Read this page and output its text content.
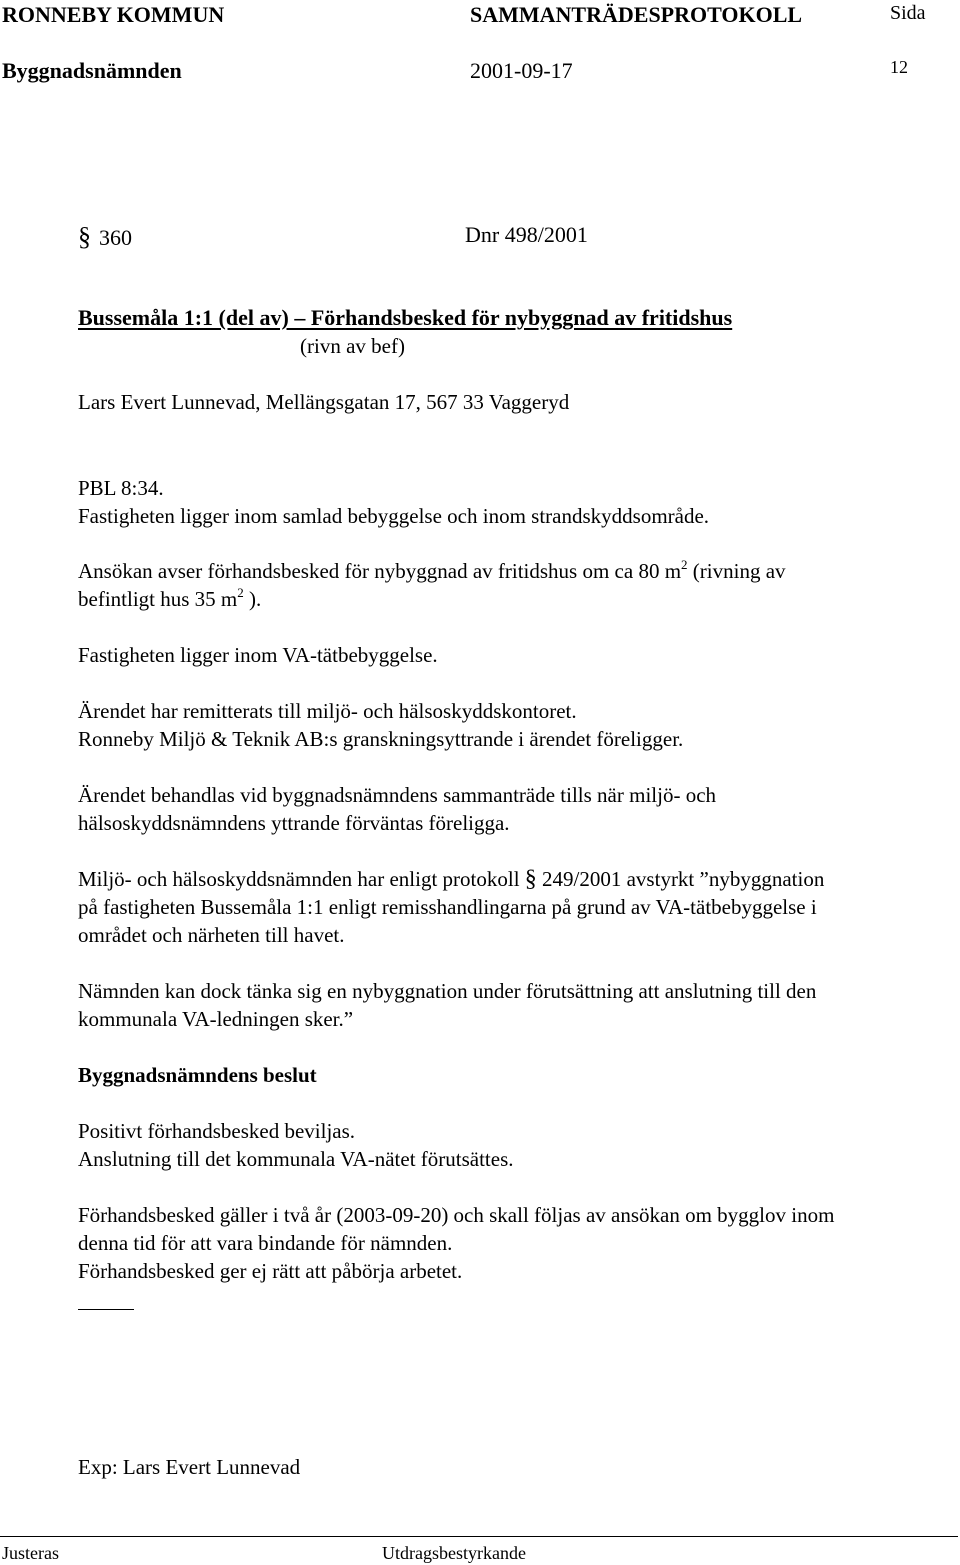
RONNEBY KOMMUN	SAMMANTRÄDESPROTOKOLL	Sida
Byggnadsnämnden	2001-09-17	12
§ 360	Dnr 498/2001
Bussemåla 1:1 (del av) – Förhandsbesked för nybyggnad av fritidshus
(rivn av bef)
Lars Evert Lunnevad, Mellängsgatan 17, 567 33 Vaggeryd
PBL 8:34.
Fastigheten ligger inom samlad bebyggelse och inom strandskyddsområde.
Ansökan avser förhandsbesked för nybyggnad av fritidshus om ca 80 $m^2$ (rivning av
befintligt hus 35 $m^2$ ).
Fastigheten ligger inom VA-tätbebyggelse.
Ärendet har remitterats till miljö- och hälsoskyddskontoret.
Ronneby Miljö & Teknik AB:s granskningsyttrande i ärendet föreligger.
Ärendet behandlas vid byggnadsnämndens sammanträde tills när miljö- och
hälsoskyddsnämndens yttrande förväntas föreligga.
Miljö- och hälsoskyddsnämnden har enligt protokoll § 249/2001 avstyrkt ”nybyggnation
på fastigheten Bussemåla 1:1 enligt remisshandlingarna på grund av VA-tätbebyggelse i
området och närheten till havet.
Nämnden kan dock tänka sig en nybyggnation under förutsättning att anslutning till den
kommunala VA-ledningen sker.”
Byggnadsnämndens beslut
Positivt förhandsbesked beviljas.
Anslutning till det kommunala VA-nätet förutsättes.
Förhandsbesked gäller i två år (2003-09-20) och skall följas av ansökan om bygglov inom
denna tid för att vara bindande för nämnden.
Förhandsbesked ger ej rätt att påbörja arbetet.
Exp: Lars Evert Lunnevad
Justeras	Utdragsbestyrkande
